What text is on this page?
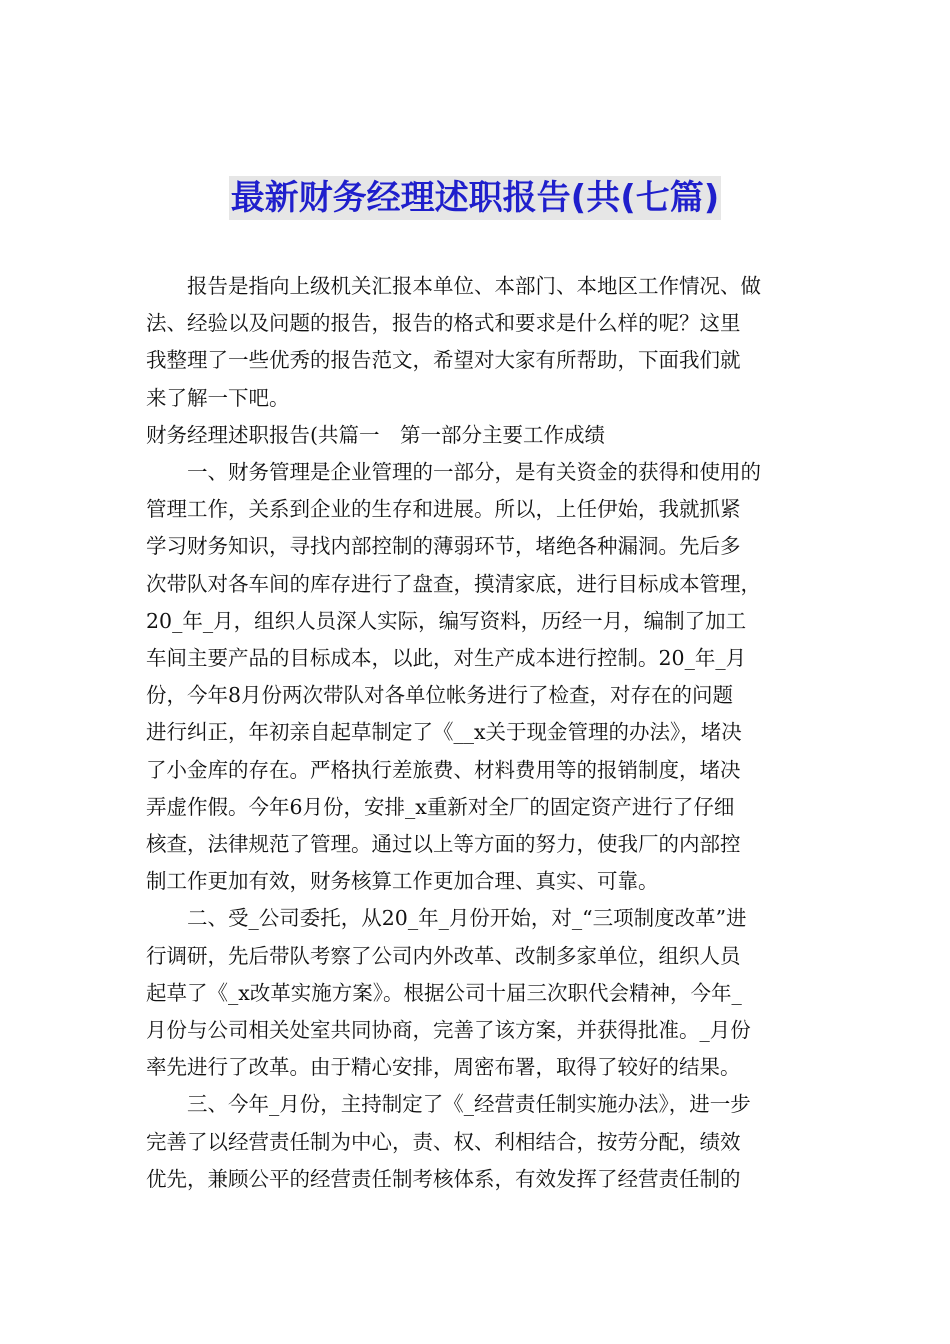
最新财务经理述职报告(共(七篇)

报告是指向上级机关汇报本单位、本部门、本地区工作情况、做
法、经验以及问题的报告，报告的格式和要求是什么样的呢？这里
我整理了一些优秀的报告范文，希望对大家有所帮助，下面我们就
来了解一下吧。

财务经理述职报告(共篇一　第一部分主要工作成绩

一、财务管理是企业管理的一部分，是有关资金的获得和使用的
管理工作，关系到企业的生存和进展。所以，上任伊始，我就抓紧
学习财务知识，寻找内部控制的薄弱环节，堵绝各种漏洞。先后多
次带队对各车间的库存进行了盘查，摸清家底，进行目标成本管理，
20_年_月，组织人员深人实际，编写资料，历经一月，编制了加工
车间主要产品的目标成本，以此，对生产成本进行控制。20_年_月
份，今年8月份两次带队对各单位帐务进行了检查，对存在的问题
进行纠正，年初亲自起草制定了《__x关于现金管理的办法》，堵决
了小金库的存在。严格执行差旅费、材料费用等的报销制度，堵决
弄虚作假。今年6月份，安排_x重新对全厂的固定资产进行了仔细
核查，法律规范了管理。通过以上等方面的努力，使我厂的内部控
制工作更加有效，财务核算工作更加合理、真实、可靠。

二、受_公司委托，从20_年_月份开始，对_“三项制度改革”进
行调研，先后带队考察了公司内外改革、改制多家单位，组织人员
起草了《_x改革实施方案》。根据公司十届三次职代会精神，今年_
月份与公司相关处室共同协商，完善了该方案，并获得批准。_月份
率先进行了改革。由于精心安排，周密布署，取得了较好的结果。

三、今年_月份，主持制定了《_经营责任制实施办法》，进一步
完善了以经营责任制为中心，责、权、利相结合，按劳分配，绩效
优先，兼顾公平的经营责任制考核体系，有效发挥了经营责任制的
